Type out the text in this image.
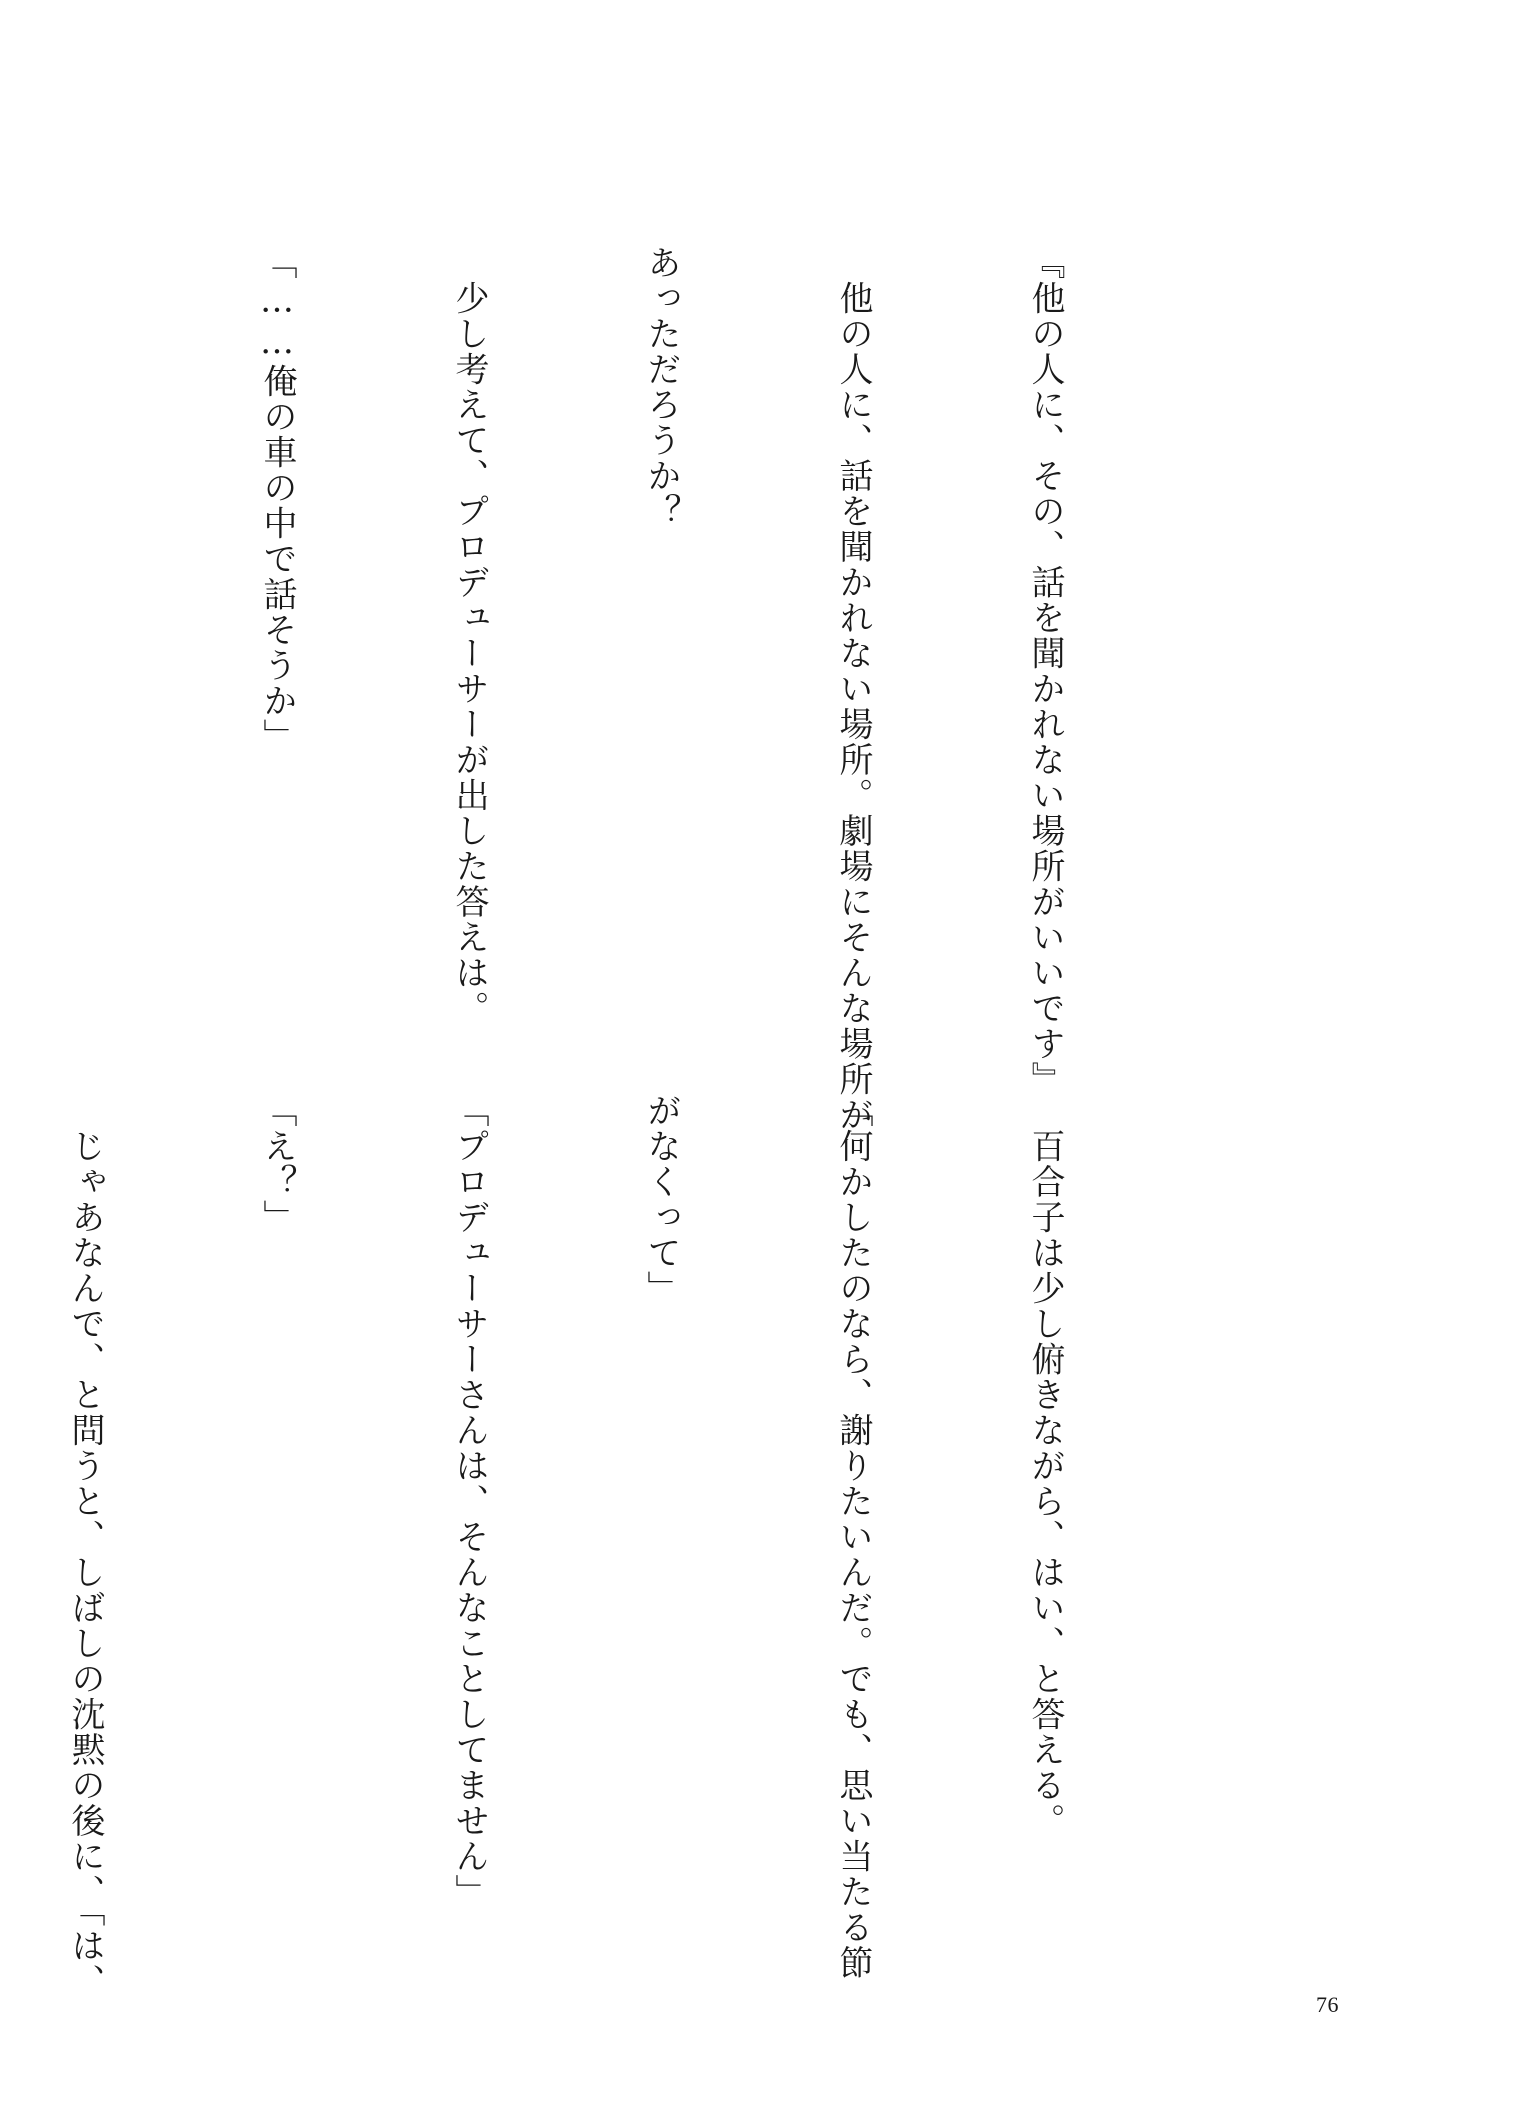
『他の人に、その、話を聞かれない場所がいいです』

　他の人に、話を聞かれない場所。劇場にそんな場所が

あっただろうか？

　少し考えて、プロデューサーが出した答えは。

「……俺の車の中で話そうか」

　百合子は少し俯きながら、はい、と答える。

「何かしたのなら、謝りたいんだ。でも、思い当たる節

がなくって」

「プロデューサーさんは、そんなことしてません」

「え？」

　じゃあなんで、と問うと、しばしの沈黙の後に、「は、

76
